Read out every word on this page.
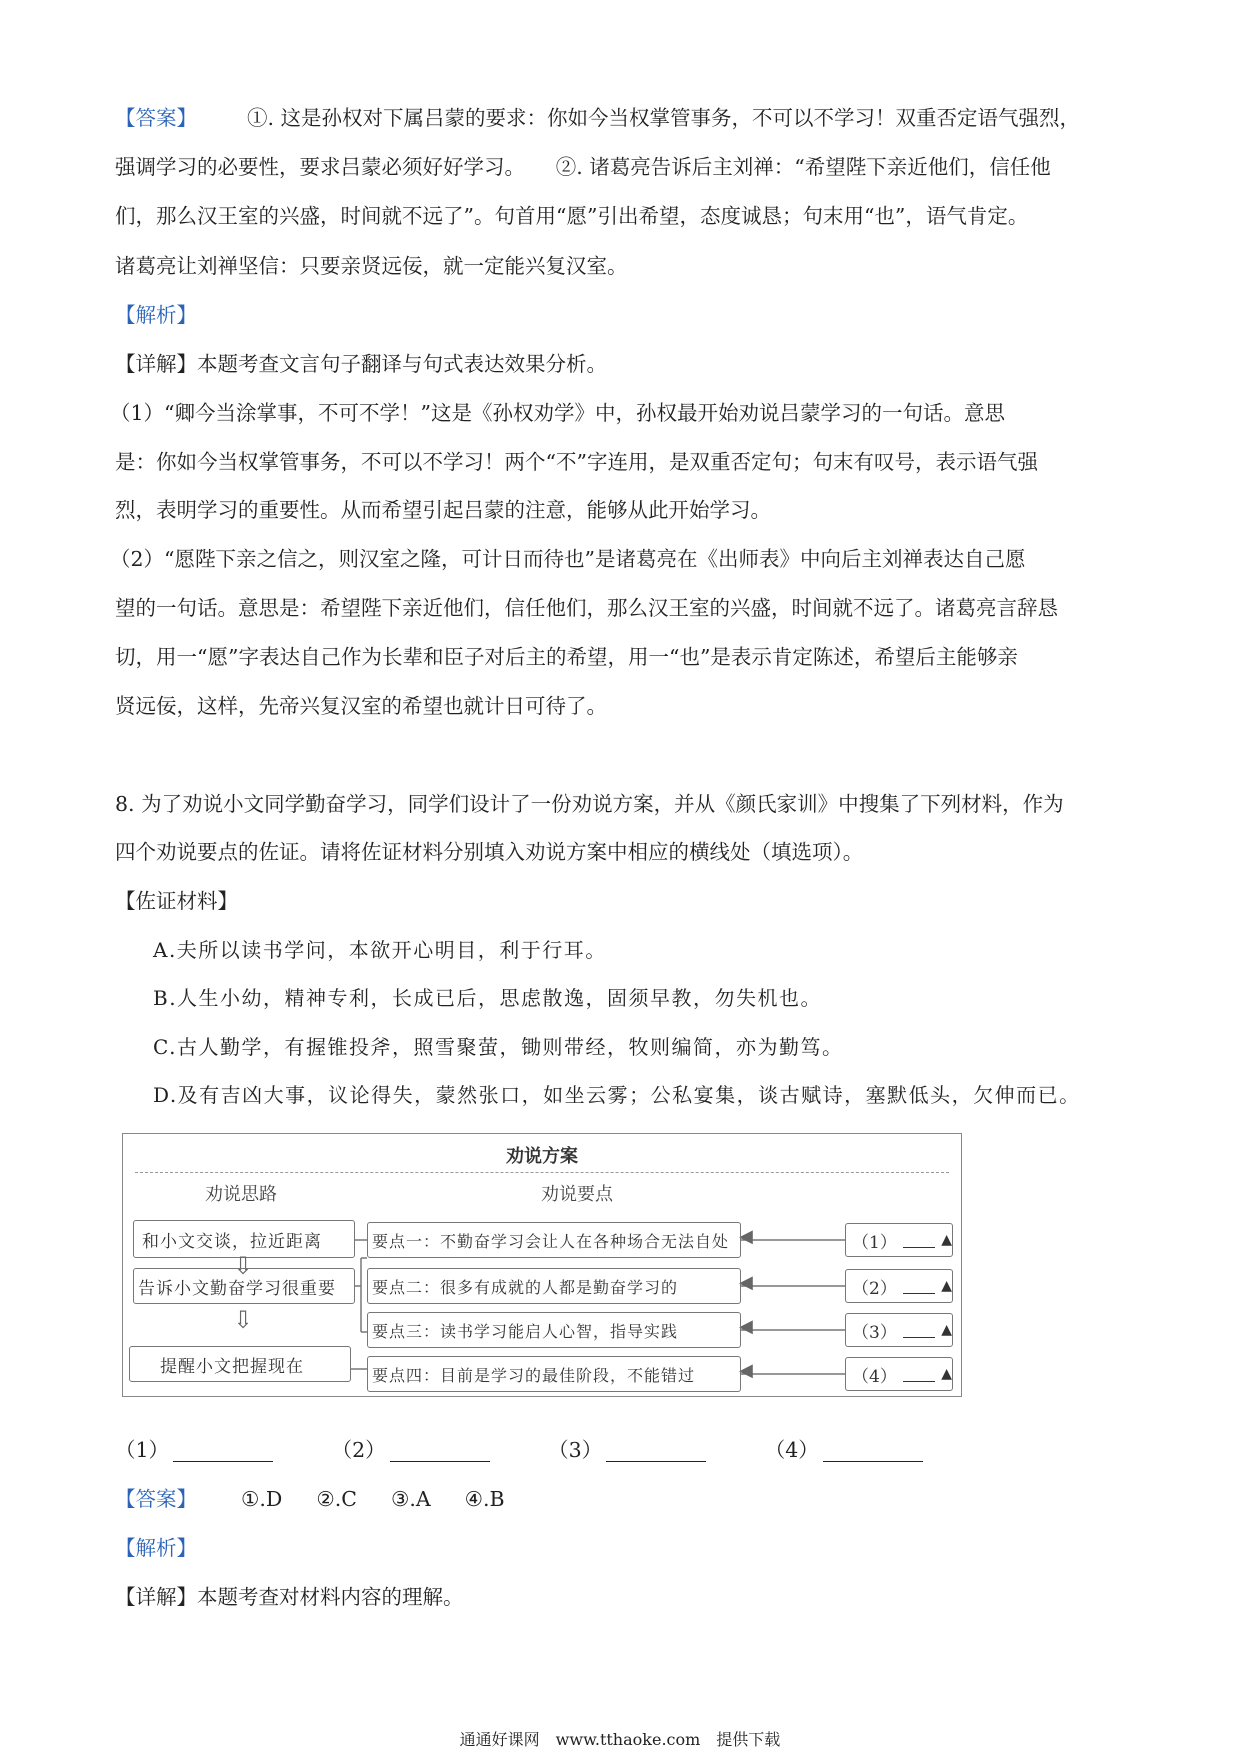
【答案】 ①. 这是孙权对下属吕蒙的要求：你如今当权掌管事务，不可以不学习！双重否定语气强烈，
强调学习的必要性，要求吕蒙必须好好学习。　　②. 诸葛亮告诉后主刘禅：“希望陛下亲近他们，信任他
们，那么汉王室的兴盛，时间就不远了”。句首用“愿”引出希望，态度诚恳；句末用“也”，语气肯定。
诸葛亮让刘禅坚信：只要亲贤远佞，就一定能兴复汉室。
【解析】
【详解】本题考查文言句子翻译与句式表达效果分析。
（1）“卿今当涂掌事，不可不学！”这是《孙权劝学》中，孙权最开始劝说吕蒙学习的一句话。意思
是：你如今当权掌管事务，不可以不学习！两个“不”字连用，是双重否定句；句末有叹号，表示语气强
烈，表明学习的重要性。从而希望引起吕蒙的注意，能够从此开始学习。
（2）“愿陛下亲之信之，则汉室之隆，可计日而待也”是诸葛亮在《出师表》中向后主刘禅表达自己愿
望的一句话。意思是：希望陛下亲近他们，信任他们，那么汉王室的兴盛，时间就不远了。诸葛亮言辞恳
切，用一“愿”字表达自己作为长辈和臣子对后主的希望，用一“也”是表示肯定陈述，希望后主能够亲
贤远佞，这样，先帝兴复汉室的希望也就计日可待了。
8. 为了劝说小文同学勤奋学习，同学们设计了一份劝说方案，并从《颜氏家训》中搜集了下列材料，作为
四个劝说要点的佐证。请将佐证材料分别填入劝说方案中相应的横线处（填选项）。
【佐证材料】
A.夫所以读书学问，本欲开心明目，利于行耳。
B.人生小幼，精神专利，长成已后，思虑散逸，固须早教，勿失机也。
C.古人勤学，有握锥投斧，照雪聚萤，锄则带经，牧则编简，亦为勤笃。
D.及有吉凶大事，议论得失，蒙然张口，如坐云雾；公私宴集，谈古赋诗，塞默低头，欠伸而已。
劝说方案
劝说思路	劝说要点
◀
◀
◀
◀
和小文交谈，拉近距离
⇩
告诉小文勤奋学习很重要
⇩
提醒小文把握现在
要点一：不勤奋学习会让人在各种场合无法自处
要点二：很多有成就的人都是勤奋学习的
要点三：读书学习能启人心智，指导实践
要点四：目前是学习的最佳阶段，不能错过
（1）	▲
（2）	▲
（3）	▲
（4）	▲
（1）	（2）	（3）	（4）
【答案】 ①.D ②.C ③.A ④.B
【解析】
【详解】本题考查对材料内容的理解。
通通好课网　www.tthaoke.com　提供下载
